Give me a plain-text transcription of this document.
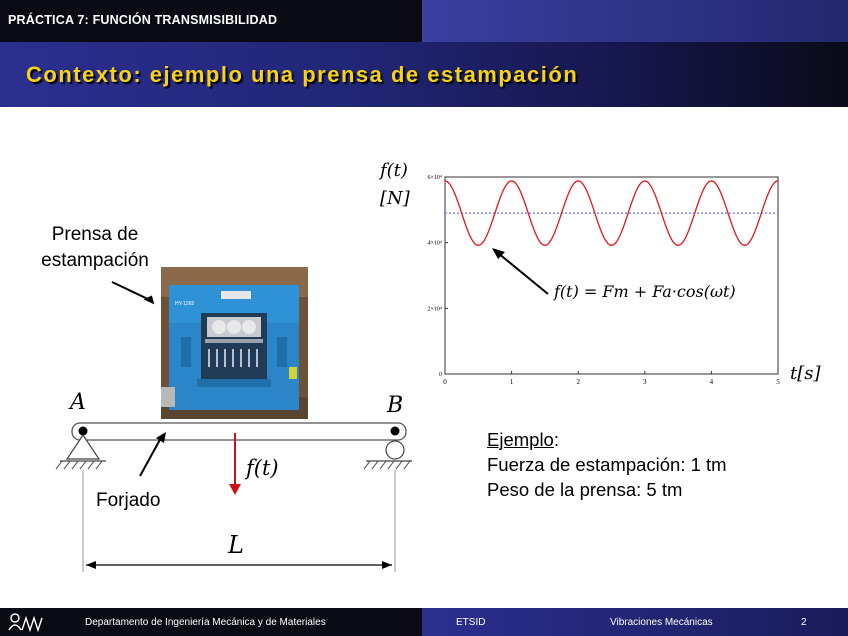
PRÁCTICA 7: FUNCIÓN TRANSMISIBILIDAD
Contexto: ejemplo una prensa de estampación
Prensa de
estampación
HY-1282
A	B
Forjado
f(t)
L
0	1	2	3	4	5
0
2×10⁴
4×10⁴
6×10⁴
f(t)
[N]
t[s]
f(t) = Fm + Fa·cos(ωt)
Ejemplo:
Fuerza de estampación: 1 tm
Peso de la prensa: 5 tm
Departamento de Ingeniería Mecánica y de Materiales	ETSID	Vibraciones Mecánicas	2
